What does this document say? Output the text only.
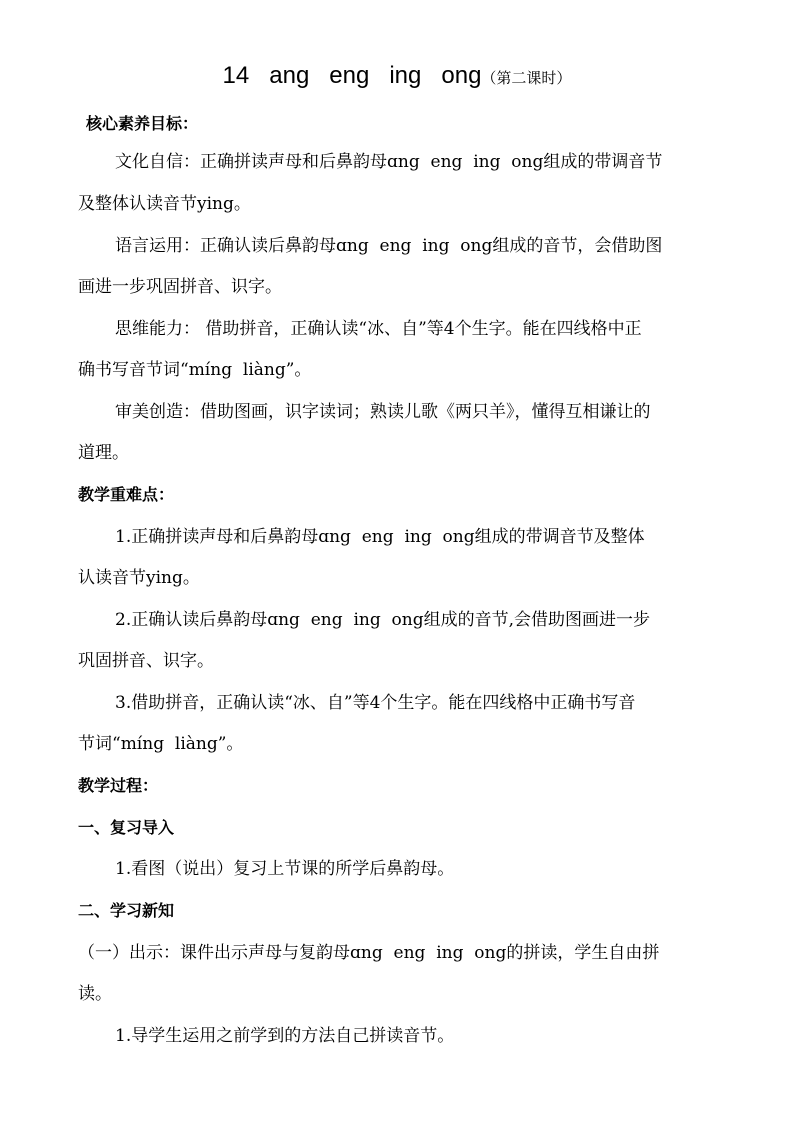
14   ang   eng   ing   ong（第二课时）
核心素养目标：
文化自信：正确拼读声母和后鼻韵母ɑng  eng  ing  ong组成的带调音节
及整体认读音节ying。
语言运用：正确认读后鼻韵母ɑng  eng  ing  ong组成的音节，会借助图
画进一步巩固拼音、识字。
思维能力： 借助拼音，正确认读“冰、自”等4个生字。能在四线格中正
确书写音节词“míng  liàng”。
审美创造：借助图画，识字读词；熟读儿歌《两只羊》，懂得互相谦让的
道理。
教学重难点：
1.正确拼读声母和后鼻韵母ɑng  eng  ing  ong组成的带调音节及整体
认读音节ying。
2.正确认读后鼻韵母ɑng  eng  ing  ong组成的音节,会借助图画进一步
巩固拼音、识字。
3.借助拼音，正确认读“冰、自”等4个生字。能在四线格中正确书写音
节词“míng  liàng”。
教学过程：
一、复习导入
1.看图（说出）复习上节课的所学后鼻韵母。
二、学习新知
（一）出示：课件出示声母与复韵母ɑng  eng  ing  ong的拼读，学生自由拼
读。
1.导学生运用之前学到的方法自己拼读音节。
